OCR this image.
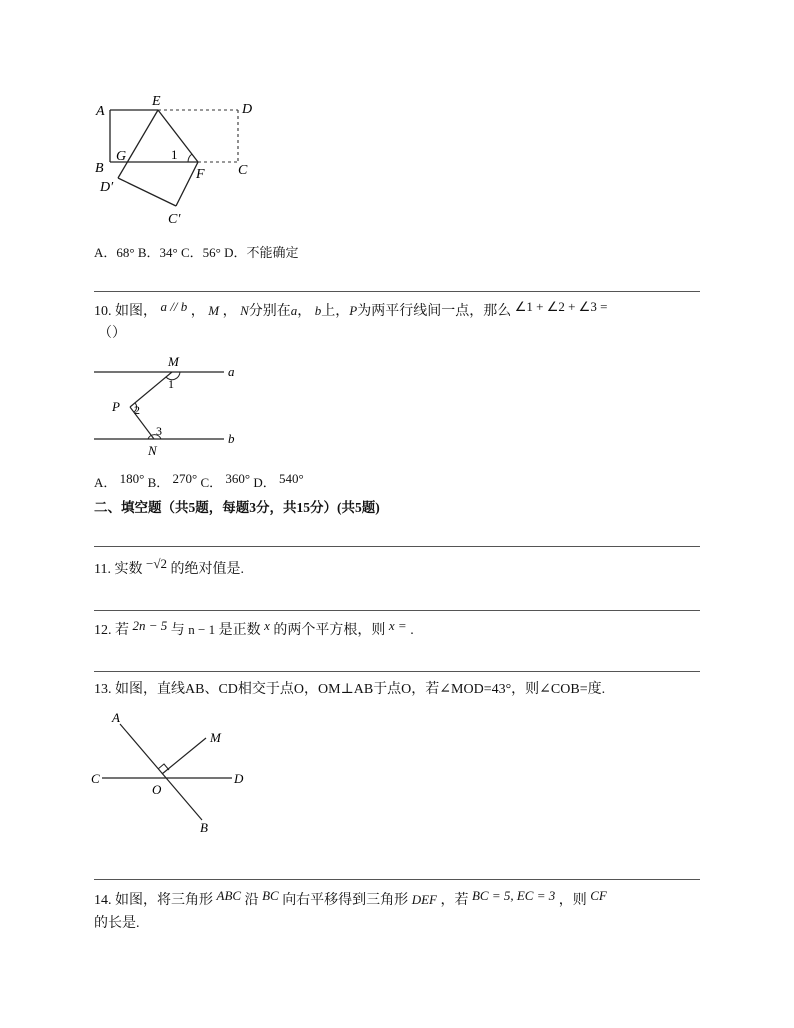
A
E
D
B
G	1
F C
D′
C′
A．68° B．34° C．56° D．不能确定
10. 如图， a // b ， M ， N分别在a， b上，P为两平行线间一点，那么 ∠1 + ∠2 + ∠3 =
（）
M
1
a
P 2
3	b
N
A． 180° B． 270° C． 360° D． 540°
二、填空题（共5题，每题3分，共15分）(共5题)
11. 实数 −√2 的绝对值是.
12. 若 2n − 5 与 n − 1 是正数 x 的两个平方根，则 x = .
13. 如图，直线AB、CD相交于点O，OM⊥AB于点O，若∠MOD=43°，则∠COB=度.
A
M
C	D
O
B
14. 如图，将三角形 ABC 沿 BC 向右平移得到三角形 DEF ，若 BC = 5, EC = 3 ，则 CF
的长是.
